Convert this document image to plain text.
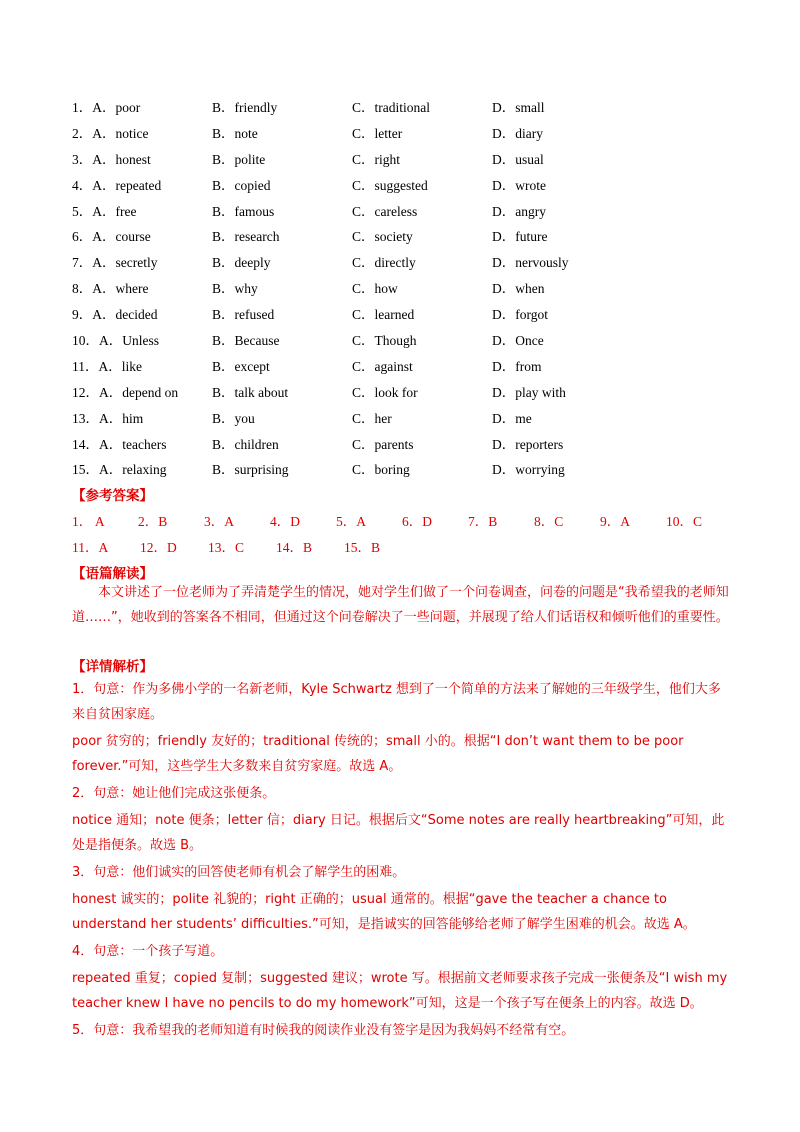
1．A．poor	B．friendly	C．traditional	D．small
2．A．notice	B．note	C．letter	D．diary
3．A．honest	B．polite	C．right	D．usual
4．A．repeated	B．copied	C．suggested	D．wrote
5．A．free	B．famous	C．careless	D．angry
6．A．course	B．research	C．society	D．future
7．A．secretly	B．deeply	C．directly	D．nervously
8．A．where	B．why	C．how	D．when
9．A．decided	B．refused	C．learned	D．forgot
10．A．Unless	B．Because	C．Though	D．Once
11．A．like	B．except	C．against	D．from
12．A．depend on	B．talk about	C．look for	D．play with
13．A．him	B．you	C．her	D．me
14．A．teachers	B．children	C．parents	D．reporters
15．A．relaxing	B．surprising	C．boring	D．worrying
【参考答案】
1． A	2．B	3．A	4．D	5．A	6．D	7．B	8．C	9．A	10．C
11．A	12．D	13．C	14．B	15．B
【语篇解读】
本文讲述了一位老师为了弄清楚学生的情况，她对学生们做了一个问卷调查，问卷的问题是“我希望我的老师知道……”，她收到的答案各不相同，但通过这个问卷解决了一些问题，并展现了给人们话语权和倾听他们的重要性。
【详情解析】

1．句意：作为多佛小学的一名新老师，Kyle Schwartz 想到了一个简单的方法来了解她的三年级学生，他们大多来自贫困家庭。

poor 贫穷的；friendly 友好的；traditional 传统的；small 小的。根据“I don’t want them to be poor forever.”可知，这些学生大多数来自贫穷家庭。故选 A。

2．句意：她让他们完成这张便条。

notice 通知；note 便条；letter 信；diary 日记。根据后文“Some notes are really heartbreaking”可知，此处是指便条。故选 B。

3．句意：他们诚实的回答使老师有机会了解学生的困难。

honest 诚实的；polite 礼貌的；right 正确的；usual 通常的。根据“gave the teacher a chance to understand her students’ difficulties.”可知，是指诚实的回答能够给老师了解学生困难的机会。故选 A。

4．句意：一个孩子写道。

repeated 重复；copied 复制；suggested 建议；wrote 写。根据前文老师要求孩子完成一张便条及“I wish my teacher knew I have no pencils to do my homework”可知，这是一个孩子写在便条上的内容。故选 D。

5．句意：我希望我的老师知道有时候我的阅读作业没有签字是因为我妈妈不经常有空。
